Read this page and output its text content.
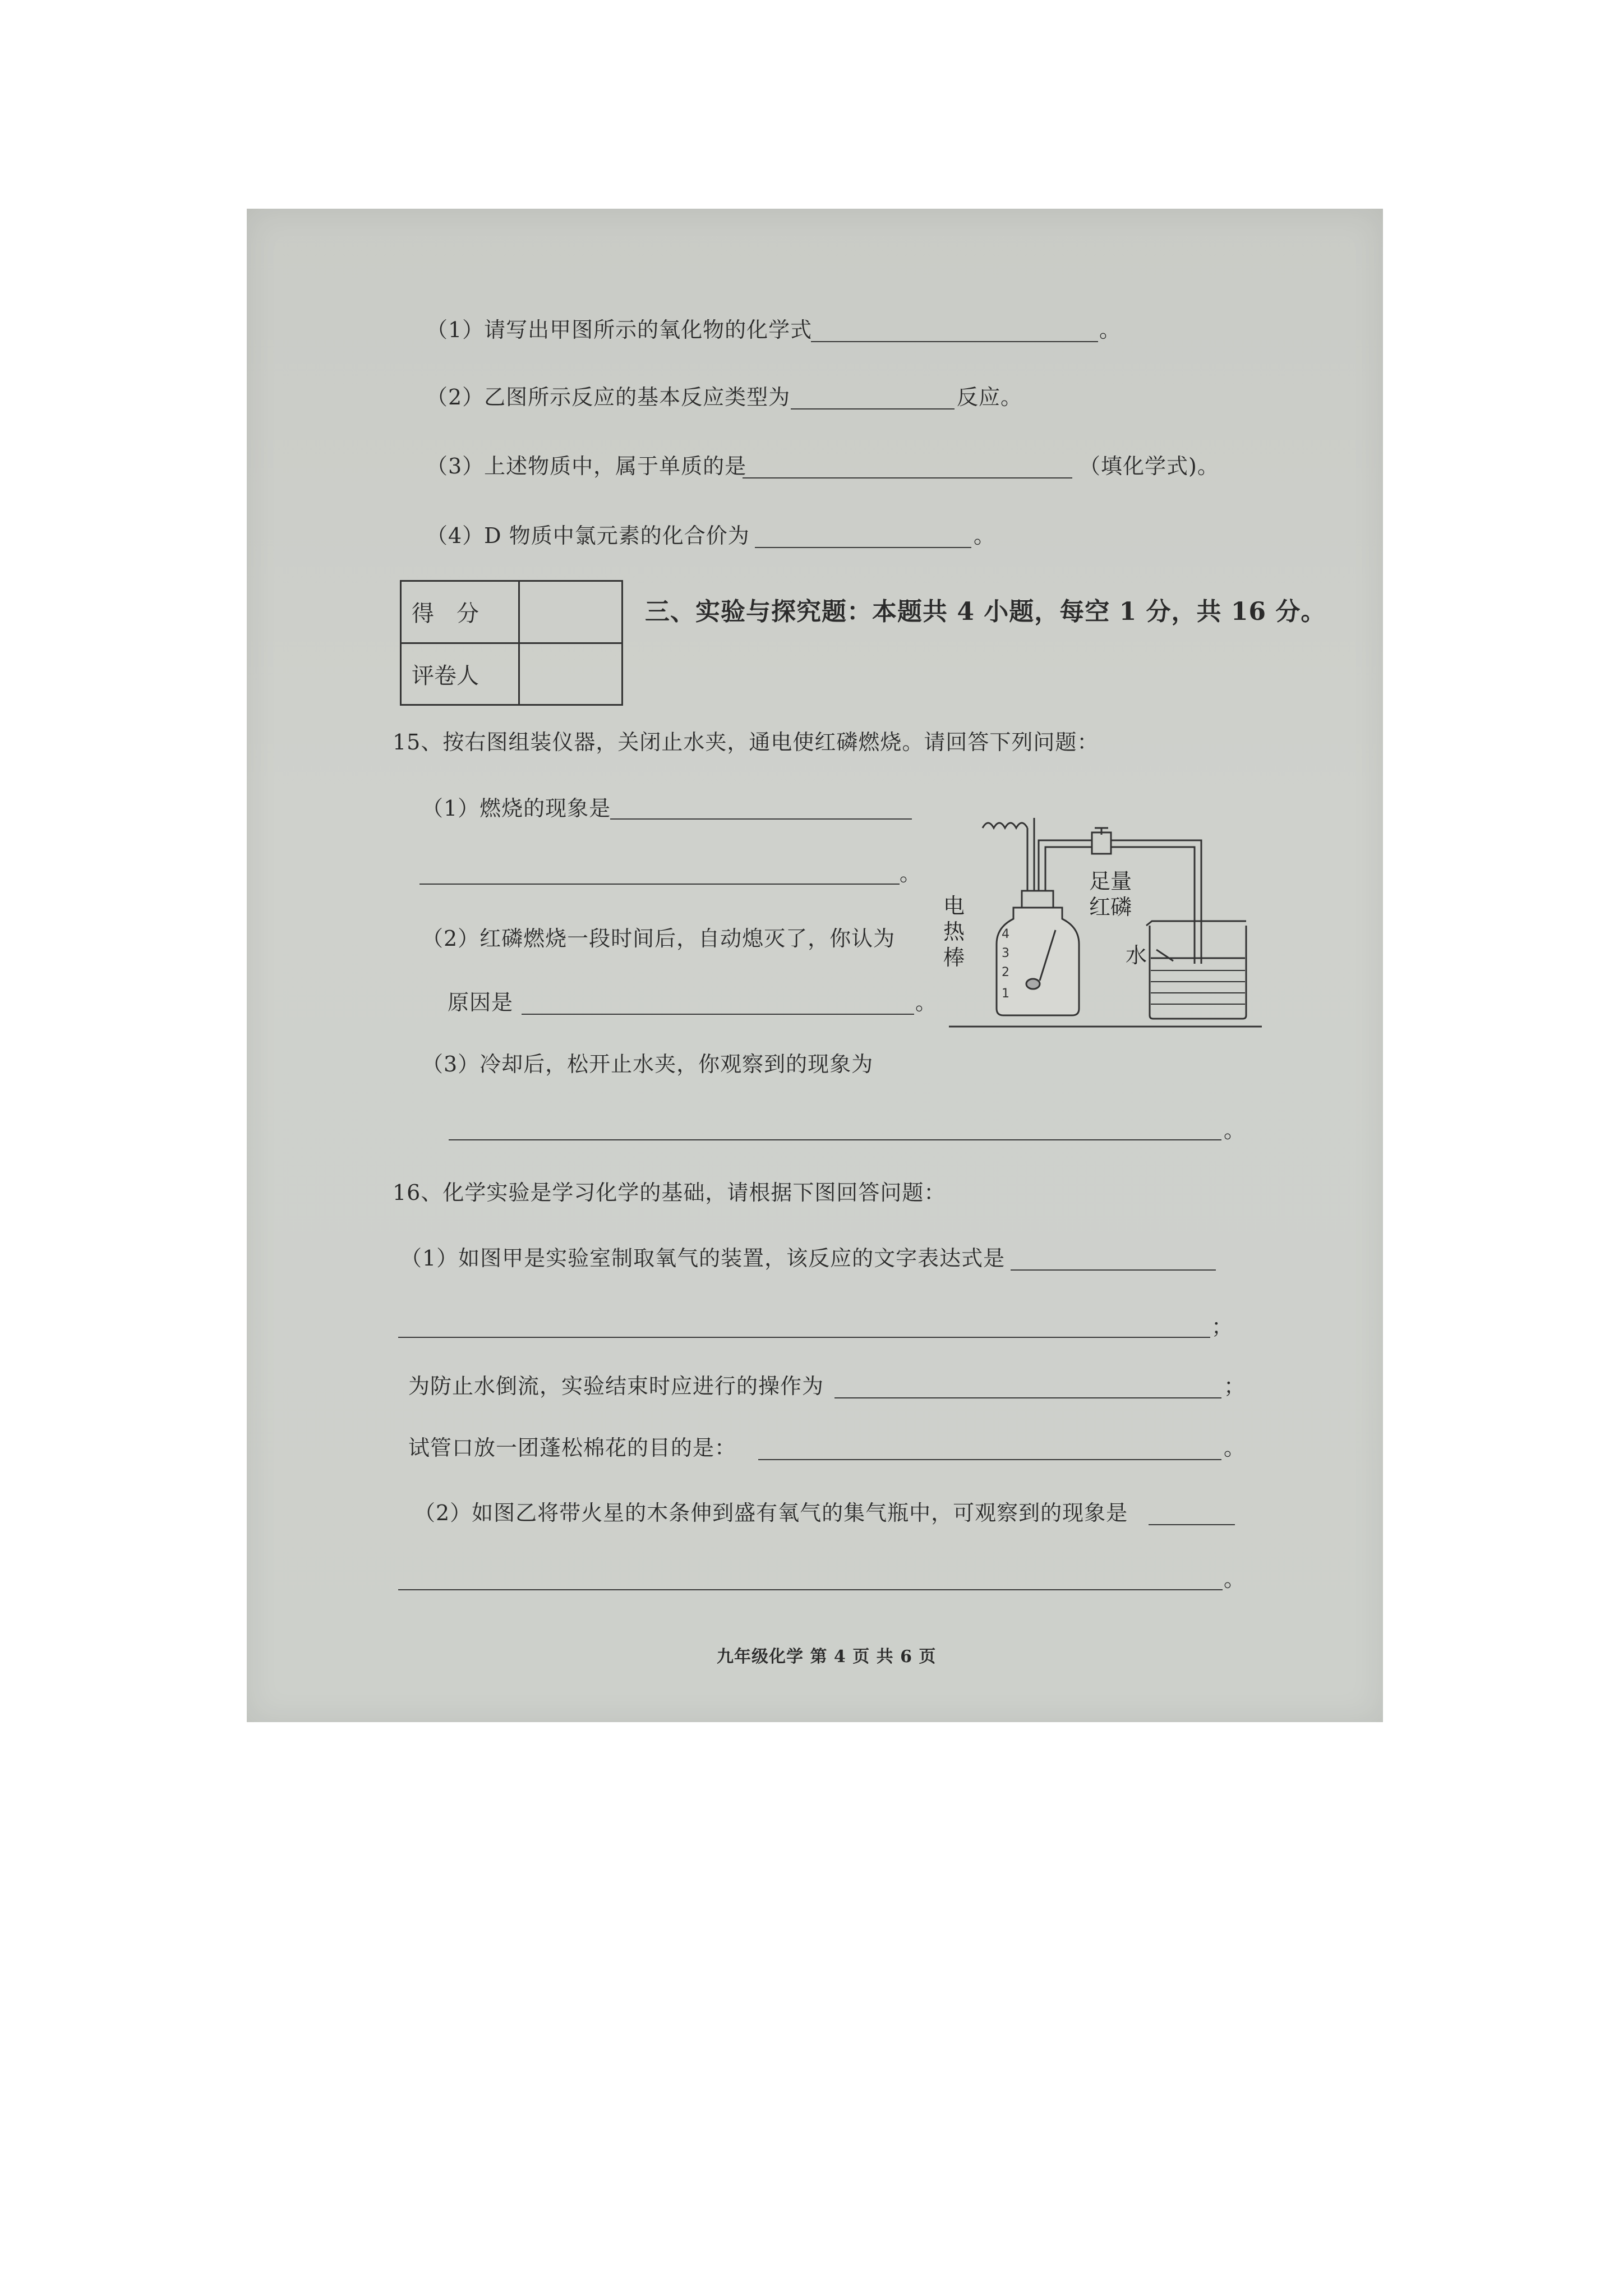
（1）请写出甲图所示的氧化物的化学式	。
（2）乙图所示反应的基本反应类型为	反应。
（3）上述物质中，属于单质的是	（填化学式)。
（4）D 物质中氯元素的化合价为	。
得　分	
评卷人	
三、实验与探究题：本题共 4 小题，每空 1 分，共 16 分。
15、按右图组装仪器，关闭止水夹，通电使红磷燃烧。请回答下列问题：
（1）燃烧的现象是
。
（2）红磷燃烧一段时间后，自动熄灭了，你认为
原因是	。
（3）冷却后，松开止水夹，你观察到的现象为
。
电
热
棒
足量
红磷
水
4
3
2
1
16、化学实验是学习化学的基础，请根据下图回答问题：
（1）如图甲是实验室制取氧气的装置，该反应的文字表达式是
；
为防止水倒流，实验结束时应进行的操作为	；
试管口放一团蓬松棉花的目的是：	。
（2）如图乙将带火星的木条伸到盛有氧气的集气瓶中，可观察到的现象是
。
九年级化学 第 4 页 共 6 页
